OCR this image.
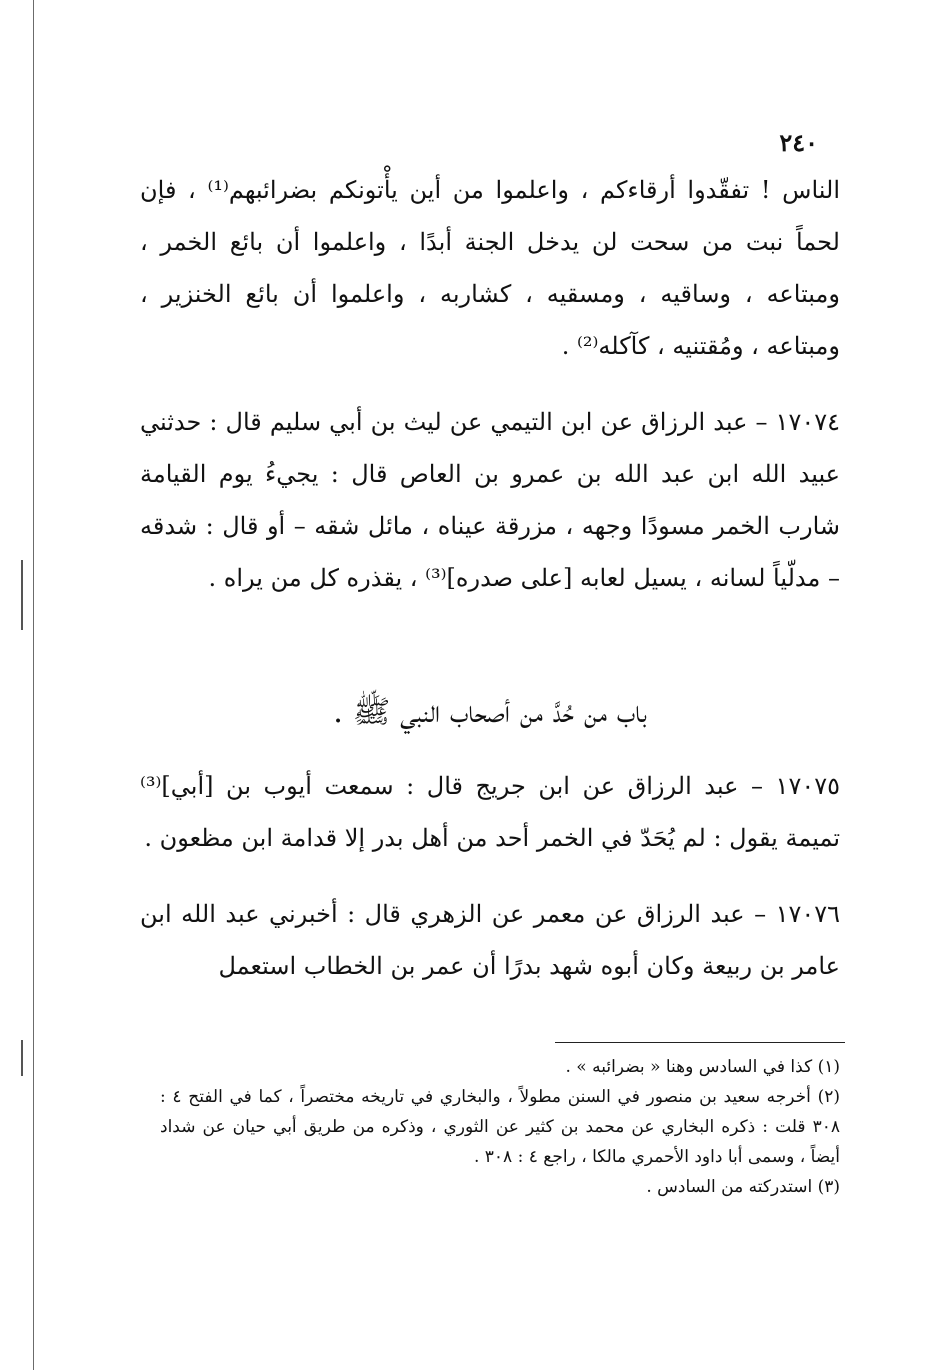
٢٤٠

الناس ! تفقّدوا أرقاءكم ، واعلموا من أين يأْتونكم بضرائبهم⁽¹⁾ ، فإن لحماً نبت من سحت لن يدخل الجنة أبدًا ، واعلموا أن بائع الخمر ، ومبتاعه ، وساقيه ، ومسقيه ، كشاربه ، واعلموا أن بائع الخنزير ، ومبتاعه ، ومُقتنيه ، كآكله⁽²⁾ .

١٧٠٧٤ – عبد الرزاق عن ابن التيمي عن ليث بن أبي سليم قال : حدثني عبيد الله ابن عبد الله بن عمرو بن العاص قال : يجيءُ يوم القيامة شارب الخمر مسودًا وجهه ، مزرقة عيناه ، مائل شقه – أو قال : شدقه – مدلّياً لسانه ، يسيل لعابه [على صدره]⁽³⁾ ، يقذره كل من يراه .

باب من حُدَّ من أصحاب النبي ﷺ .

١٧٠٧٥ – عبد الرزاق عن ابن جريج قال : سمعت أيوب بن [أبي]⁽³⁾ تميمة يقول : لم يُحَدّ في الخمر أحد من أهل بدر إلا قدامة ابن مظعون .

١٧٠٧٦ – عبد الرزاق عن معمر عن الزهري قال : أخبرني عبد الله ابن عامر بن ربيعة وكان أبوه شهد بدرًا أن عمر بن الخطاب استعمل

(١) كذا في السادس وهنا « بضرائبه » .

(٢) أخرجه سعيد بن منصور في السنن مطولاً ، والبخاري في تاريخه مختصراً ، كما في الفتح ٤ : ٣٠٨ قلت : ذكره البخاري عن محمد بن كثير عن الثوري ، وذكره من طريق أبي حيان عن شداد أيضاً ، وسمى أبا داود الأحمري مالكا ، راجع ٤ : ٣٠٨ .

(٣) استدركته من السادس .
